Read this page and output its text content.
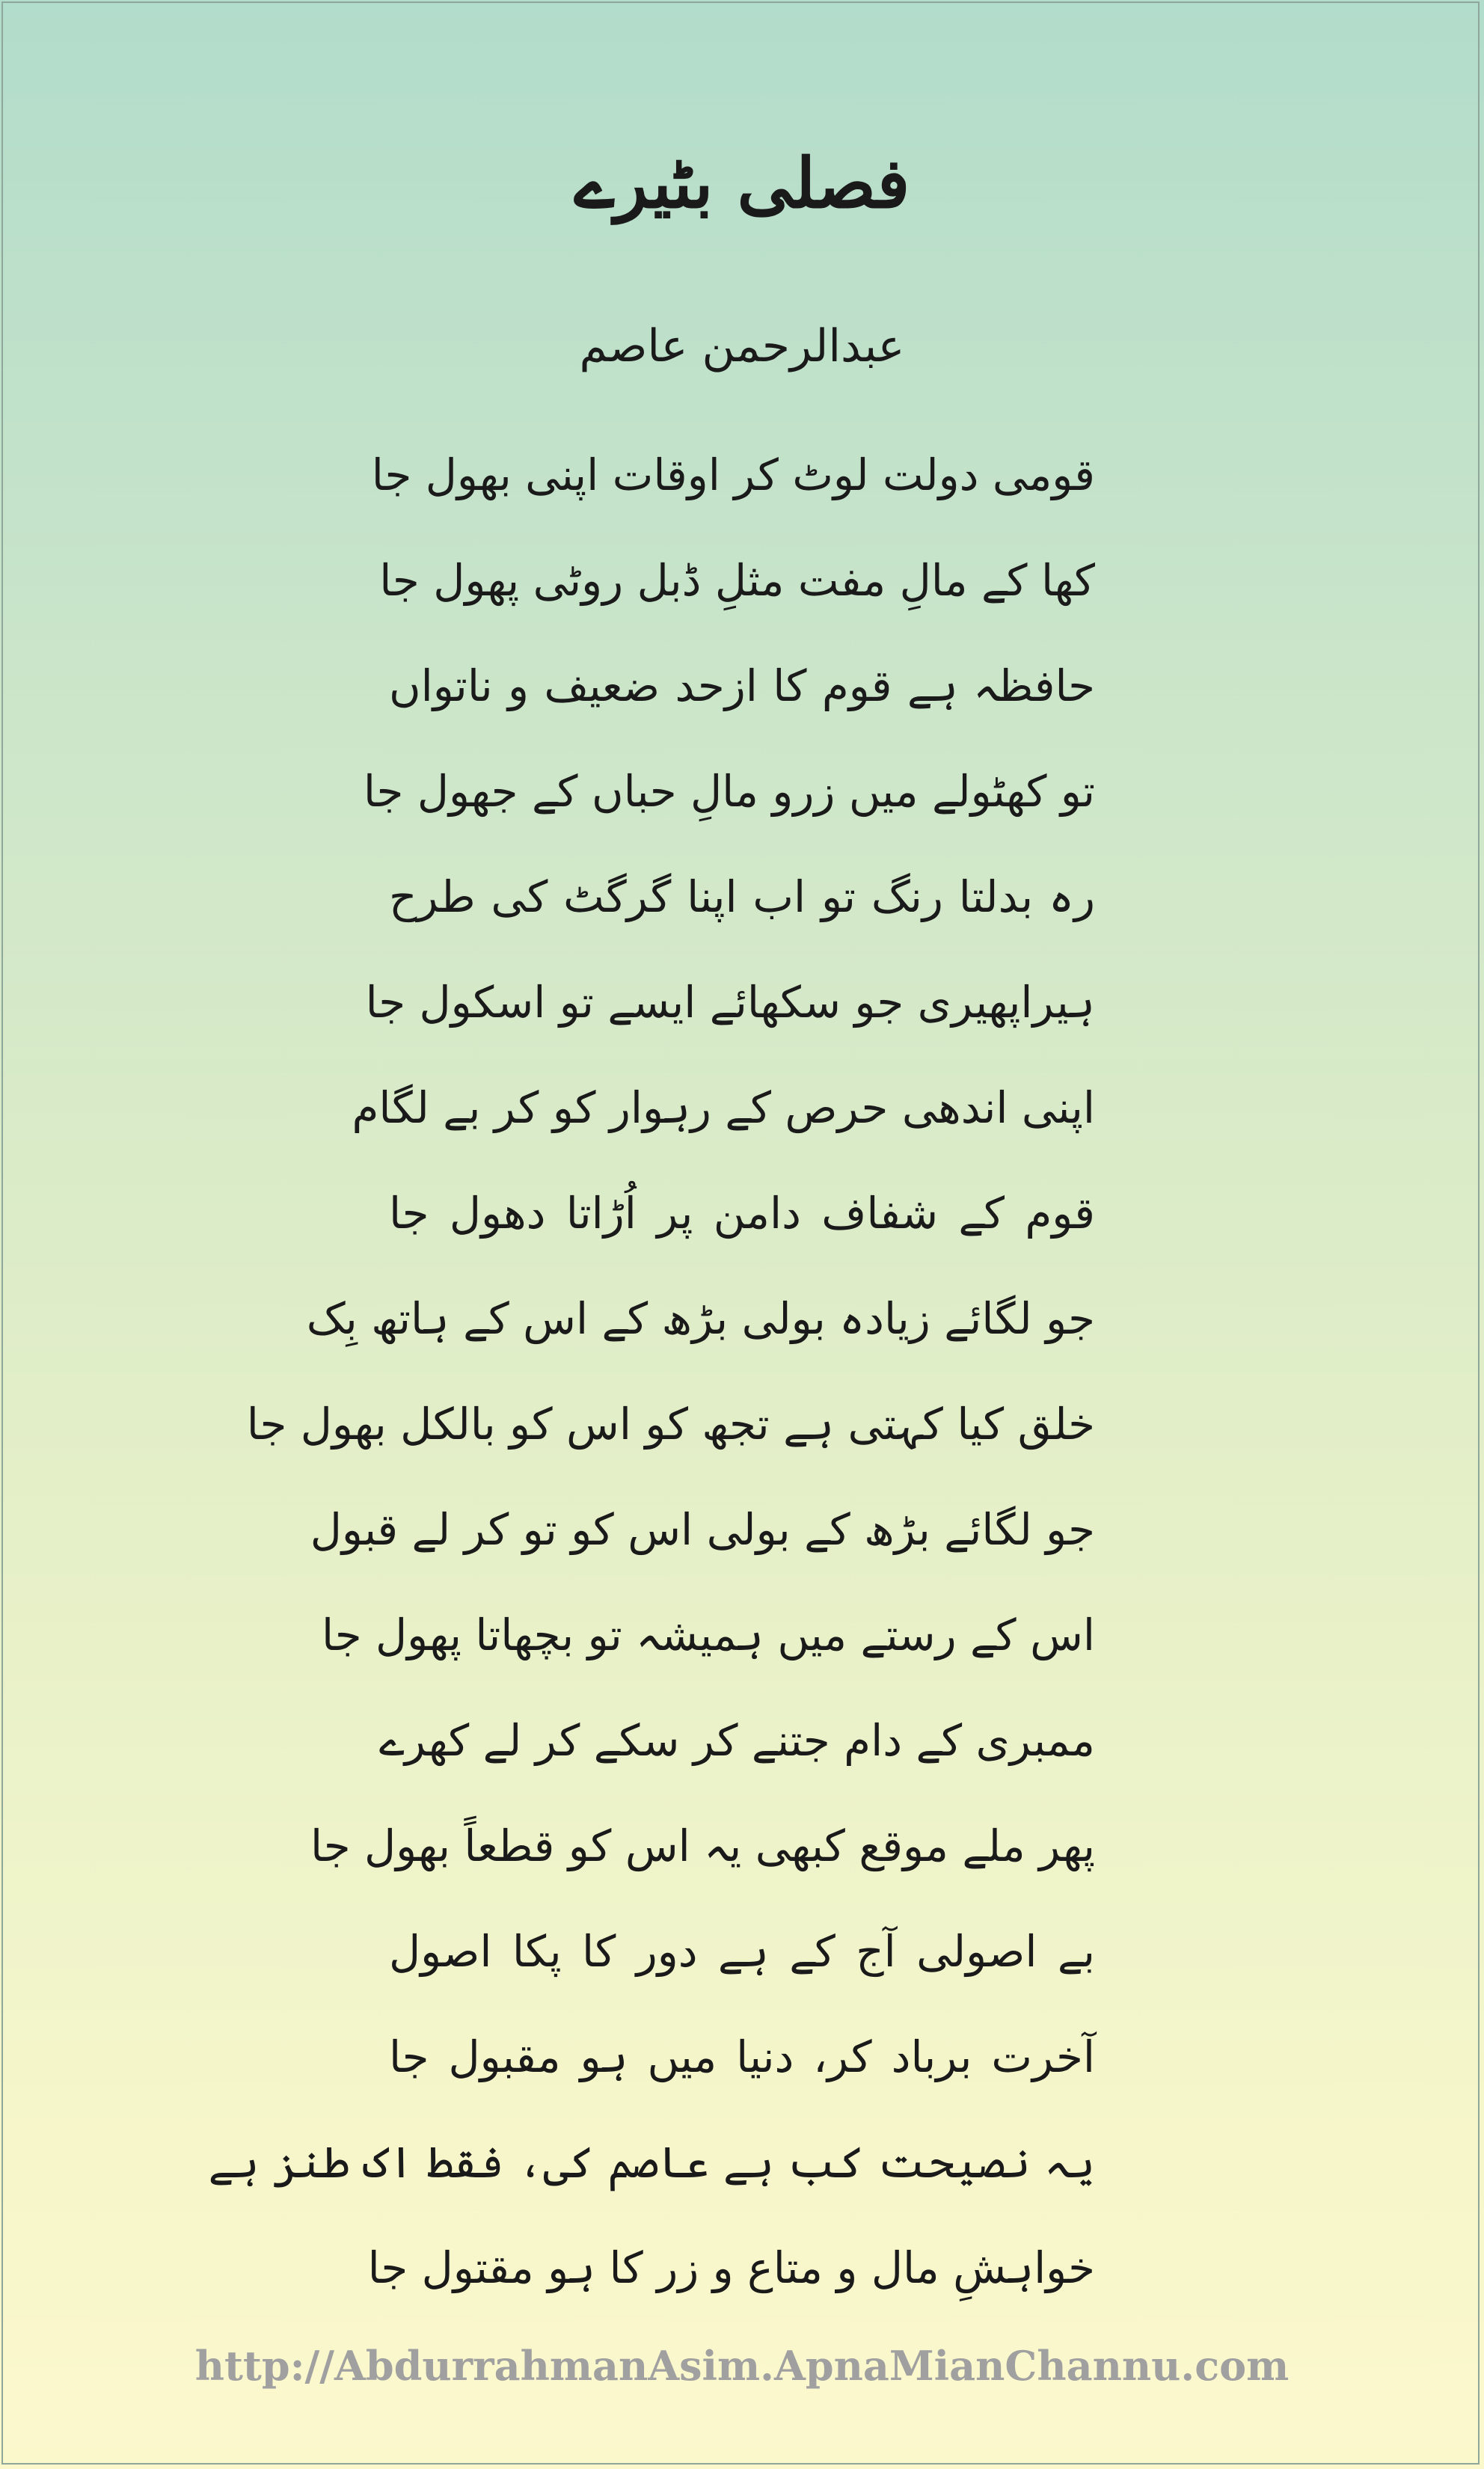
فصلی بٹیرے
عبدالرحمن عاصم
قومی دولت لوٹ کر اوقات اپنی بھول جا
کھا کے مالِ مفت مثلِ ڈبل روٹی پھول جا
حافظہ ہے قوم کا ازحد ضعیف و ناتواں
تو کھٹولے میں زرو مالِ حباں کے جھول جا
رہ بدلتا رنگ تو اب اپنا گرگٹ کی طرح
ہیراپھیری جو سکھائے ایسے تو اسکول جا
اپنی اندھی حرص کے رہوار کو کر بے لگام
قوم کے شفاف دامن پر اُڑاتا دھول جا
جو لگائے زیادہ بولی بڑھ کے اس کے ہاتھ بِک
خلق کیا کہتی ہے تجھ کو اس کو بالکل بھول جا
جو لگائے بڑھ کے بولی اس کو تو کر لے قبول
اس کے رستے میں ہمیشہ تو بچھاتا پھول جا
ممبری کے دام جتنے کر سکے کر لے کھرے
پھر ملے موقع کبھی یہ اس کو قطعاً بھول جا
بے اصولی آج کے ہے دور کا پکا اصول
آخرت برباد کر، دنیا میں ہو مقبول جا
یہ نصیحت کب ہے عاصم کی، فقط اک طنز ہے
خواہشِ مال و متاع و زر کا ہو مقتول جا
http://AbdurrahmanAsim.ApnaMianChannu.com
